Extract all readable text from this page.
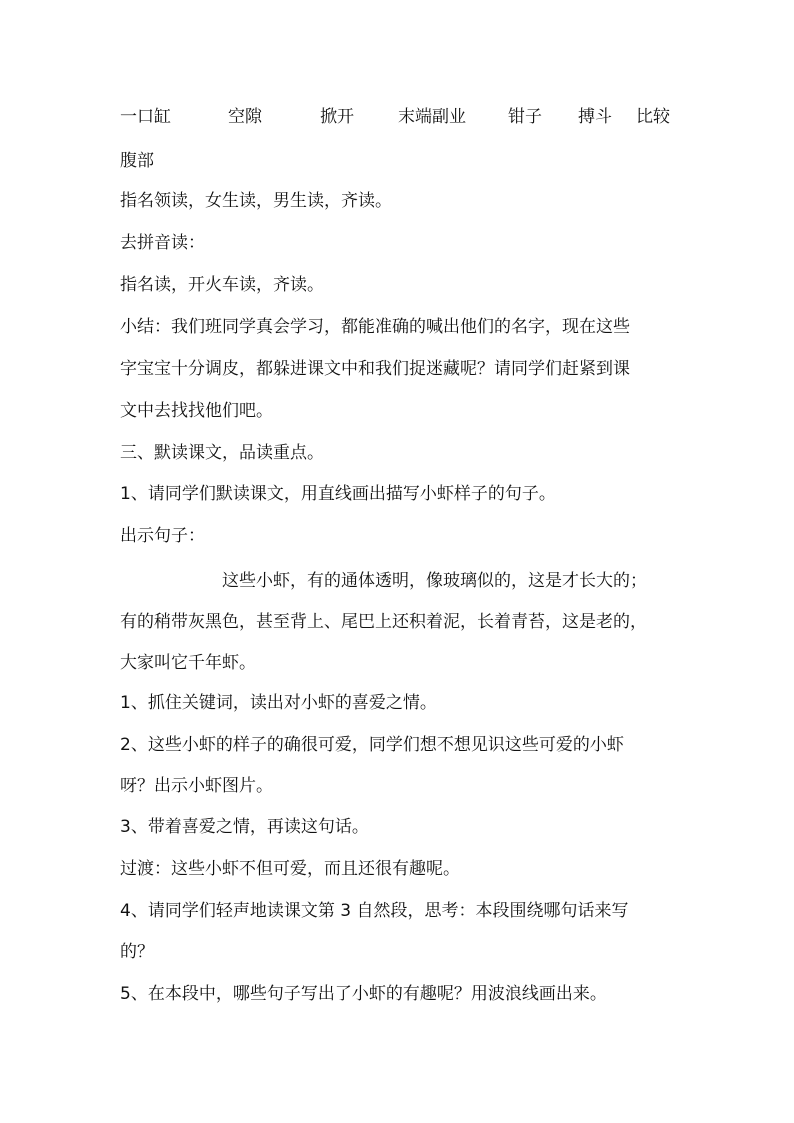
一口缸	空隙	掀开	末端副业 钳子 搏斗 比较
腹部
指名领读，女生读，男生读，齐读。
去拼音读：
指名读，开火车读，齐读。
小结：我们班同学真会学习，都能准确的喊出他们的名字，现在这些
字宝宝十分调皮，都躲进课文中和我们捉迷藏呢？请同学们赶紧到课
文中去找找他们吧。
三、默读课文，品读重点。
1、请同学们默读课文，用直线画出描写小虾样子的句子。
出示句子：
这些小虾，有的通体透明，像玻璃似的，这是才长大的；
有的稍带灰黑色，甚至背上、尾巴上还积着泥，长着青苔，这是老的，
大家叫它千年虾。
1、抓住关键词，读出对小虾的喜爱之情。
2、这些小虾的样子的确很可爱，同学们想不想见识这些可爱的小虾
呀？出示小虾图片。
3、带着喜爱之情，再读这句话。
过渡：这些小虾不但可爱，而且还很有趣呢。
4、请同学们轻声地读课文第 3 自然段，思考：本段围绕哪句话来写
的？
5、在本段中，哪些句子写出了小虾的有趣呢？用波浪线画出来。
